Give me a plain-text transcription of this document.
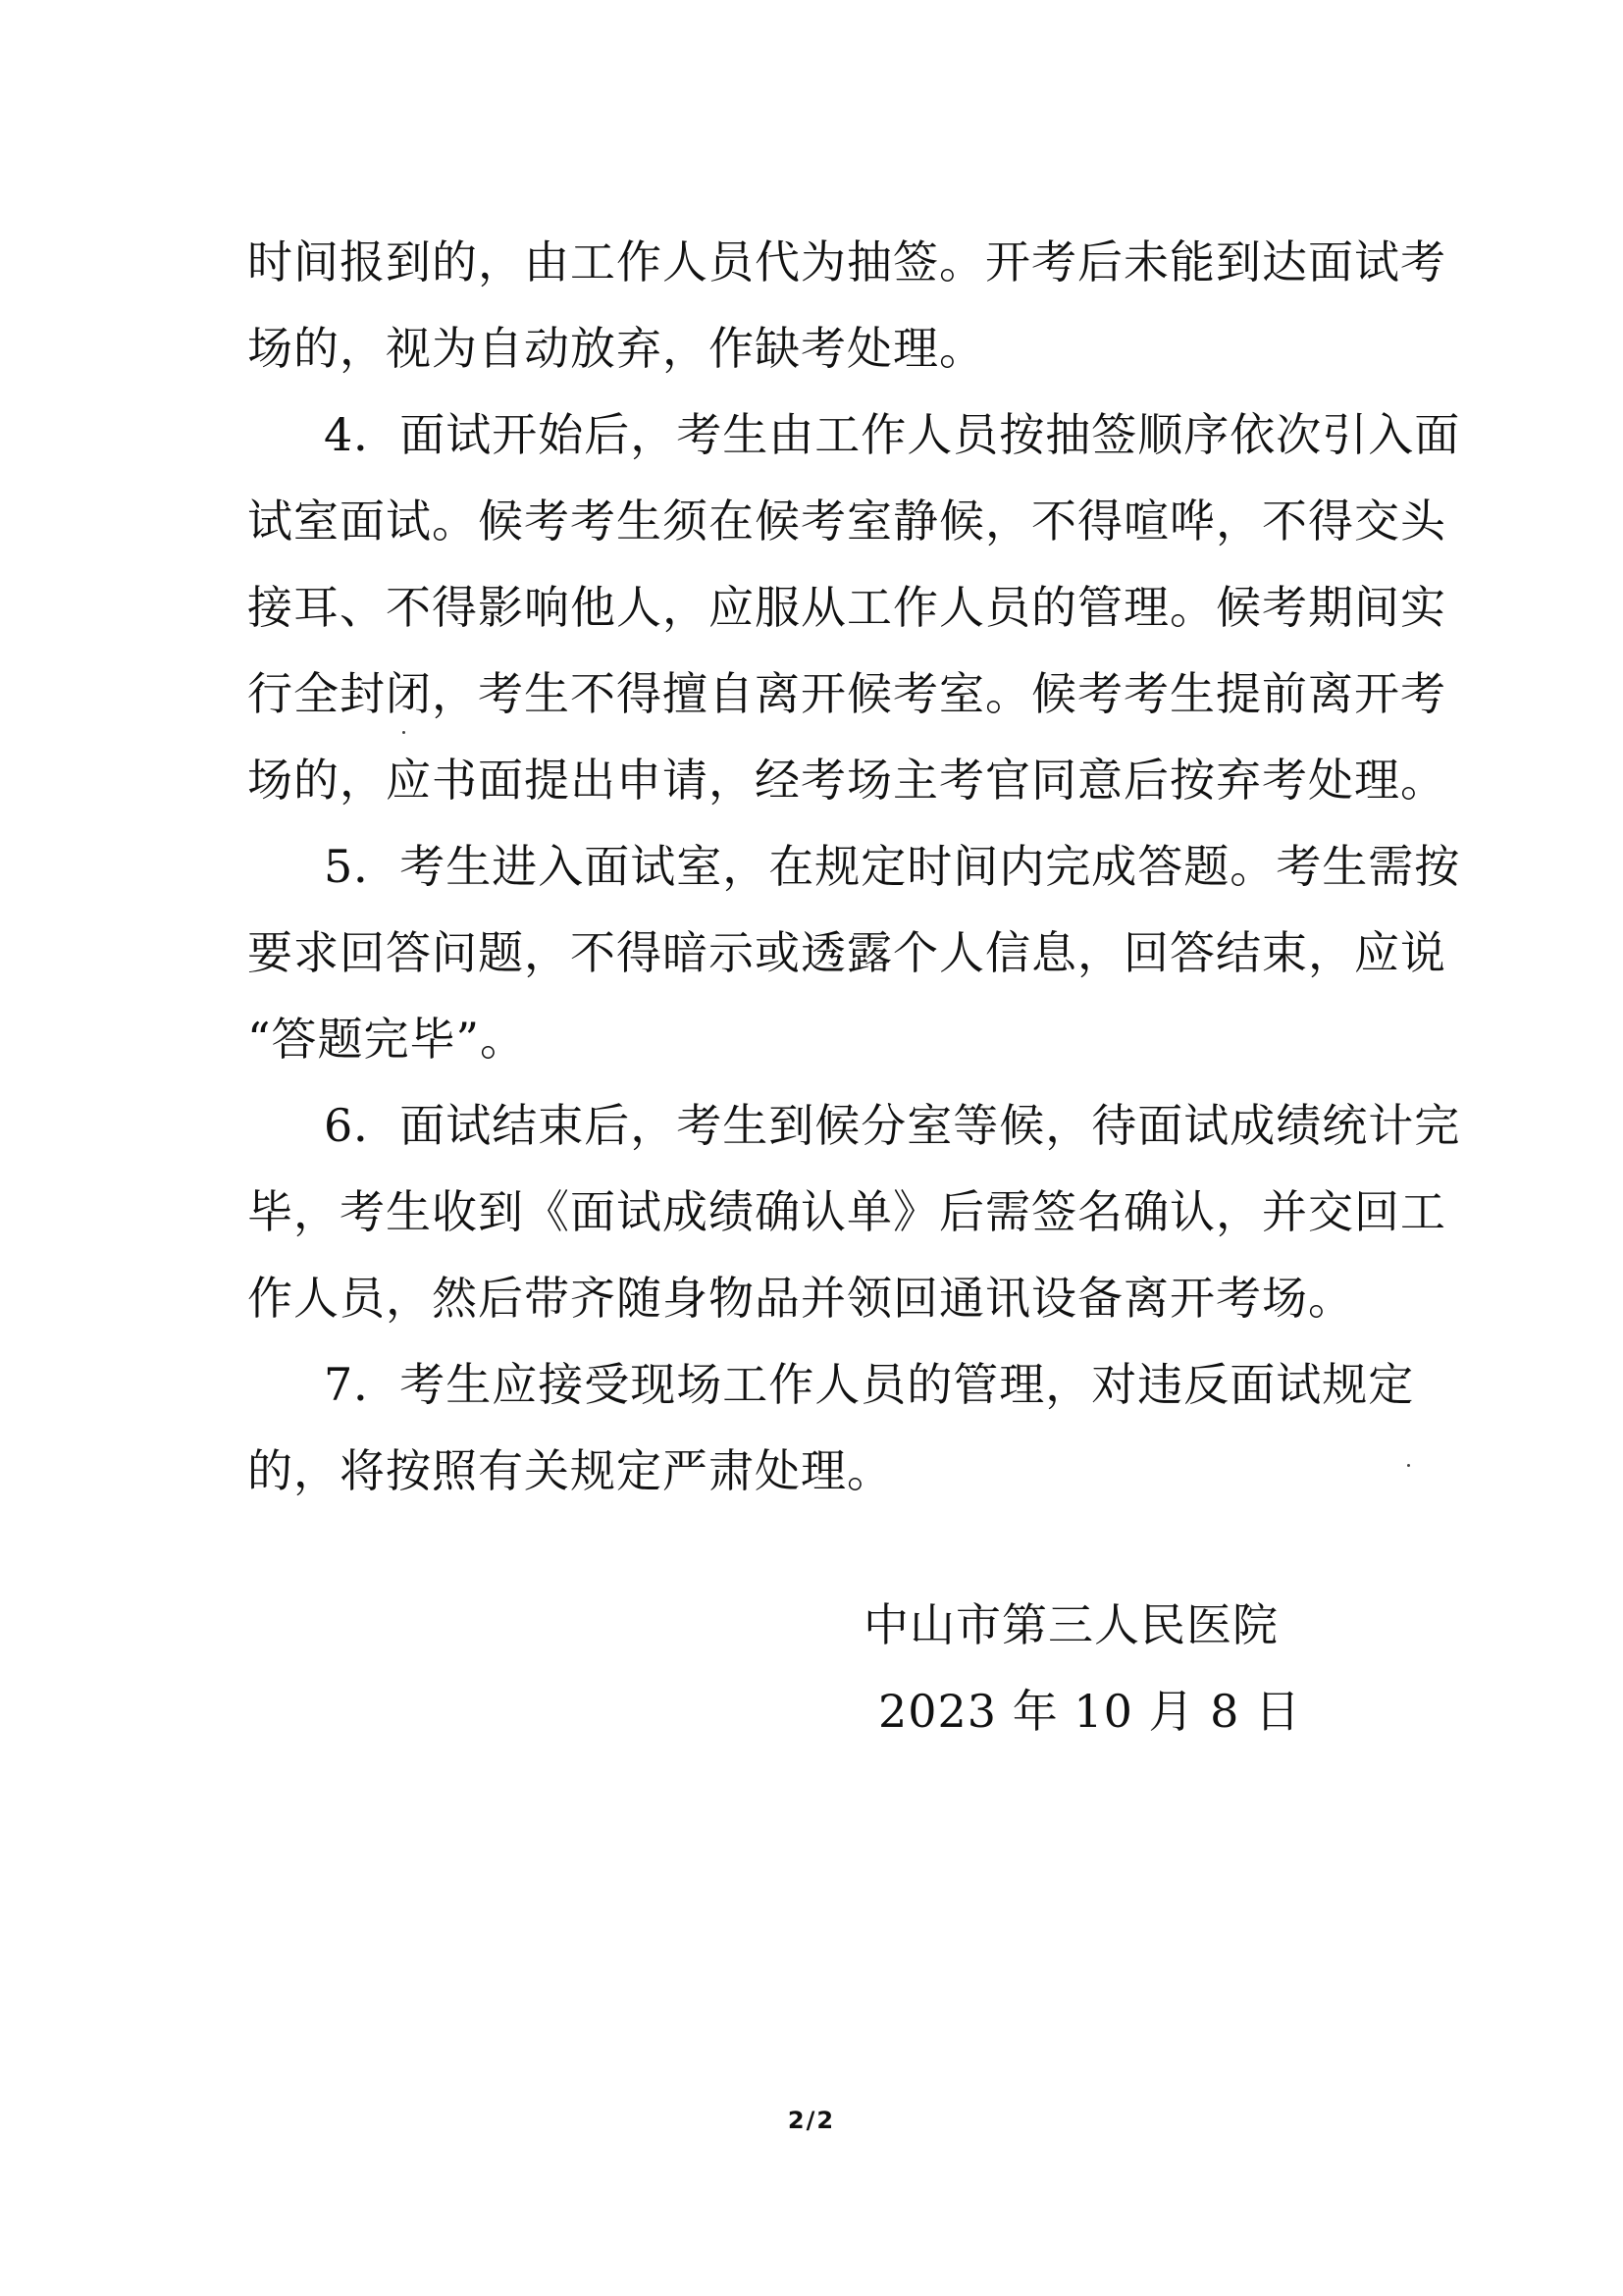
时间报到的，由工作人员代为抽签。开考后未能到达面试考
场的，视为自动放弃，作缺考处理。
4．面试开始后，考生由工作人员按抽签顺序依次引入面
试室面试。候考考生须在候考室静候，不得喧哗，不得交头
接耳、不得影响他人，应服从工作人员的管理。候考期间实
行全封闭，考生不得擅自离开候考室。候考考生提前离开考
场的，应书面提出申请，经考场主考官同意后按弃考处理。
5．考生进入面试室，在规定时间内完成答题。考生需按
要求回答问题，不得暗示或透露个人信息，回答结束，应说
“答题完毕”。
6．面试结束后，考生到候分室等候，待面试成绩统计完
毕，考生收到《面试成绩确认单》后需签名确认，并交回工
作人员，然后带齐随身物品并领回通讯设备离开考场。
7．考生应接受现场工作人员的管理，对违反面试规定
的，将按照有关规定严肃处理。
中山市第三人民医院
2023 年 10 月 8 日
2/2
